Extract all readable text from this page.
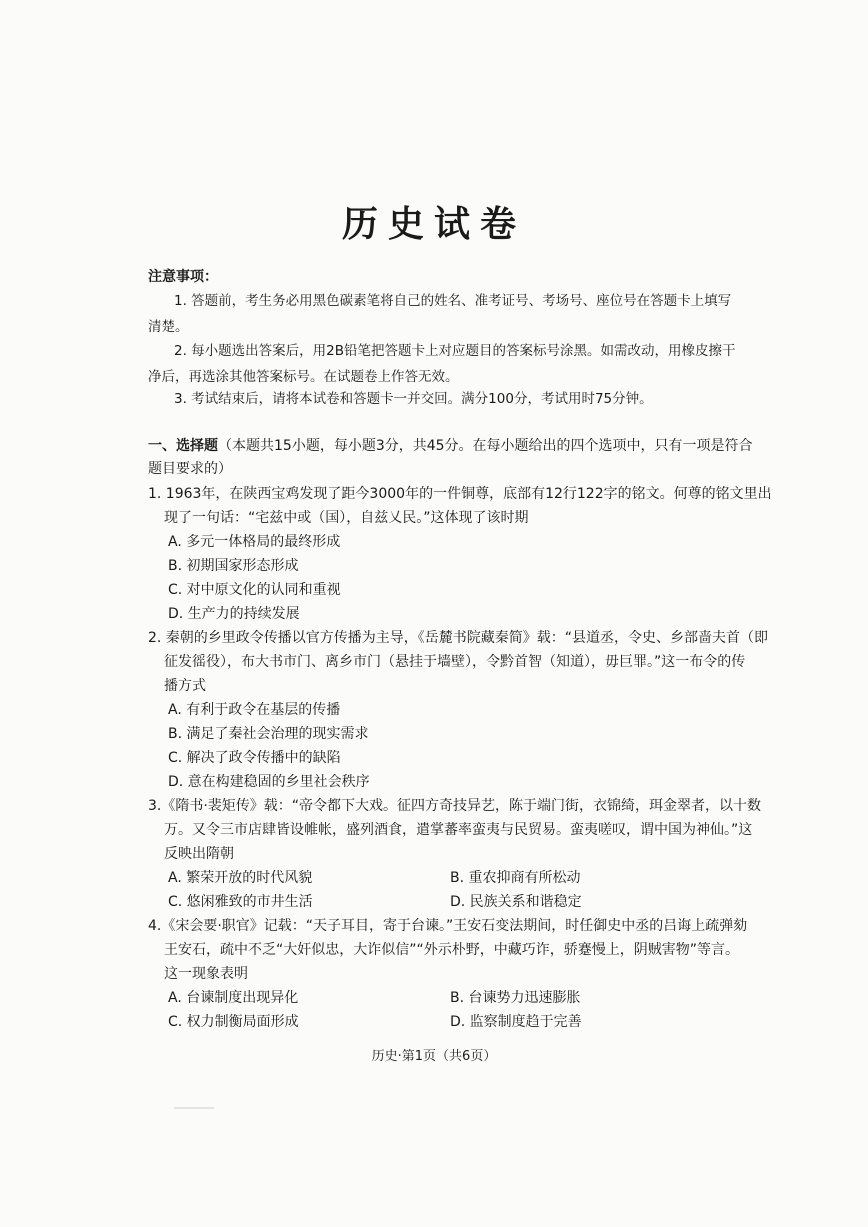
历史试卷
注意事项：
1. 答题前，考生务必用黑色碳素笔将自己的姓名、准考证号、考场号、座位号在答题卡上填写
清楚。
2. 每小题选出答案后，用2B铅笔把答题卡上对应题目的答案标号涂黑。如需改动，用橡皮擦干
净后，再选涂其他答案标号。在试题卷上作答无效。
3. 考试结束后，请将本试卷和答题卡一并交回。满分100分，考试用时75分钟。
一、选择题（本题共15小题，每小题3分，共45分。在每小题给出的四个选项中，只有一项是符合
题目要求的）
1. 1963年，在陕西宝鸡发现了距今3000年的一件铜尊，底部有12行122字的铭文。何尊的铭文里出
现了一句话：“宅兹中或（国），自兹乂民。”这体现了该时期
A. 多元一体格局的最终形成
B. 初期国家形态形成
C. 对中原文化的认同和重视
D. 生产力的持续发展
2. 秦朝的乡里政令传播以官方传播为主导，《岳麓书院藏秦简》载：“县道丞，令史、乡部啬夫首（即
征发徭役），布大书市门、离乡市门（悬挂于墙壁），令黔首智（知道），毋巨罪。”这一布令的传
播方式
A. 有利于政令在基层的传播
B. 满足了秦社会治理的现实需求
C. 解决了政令传播中的缺陷
D. 意在构建稳固的乡里社会秩序
3.《隋书·裴矩传》载：“帝令都下大戏。征四方奇技异艺，陈于端门街，衣锦绮，珥金翠者，以十数
万。又令三市店肆皆设帷帐，盛列酒食，遣掌蕃率蛮夷与民贸易。蛮夷嗟叹，谓中国为神仙。”这
反映出隋朝
A. 繁荣开放的时代风貌	B. 重农抑商有所松动
C. 悠闲雅致的市井生活	D. 民族关系和谐稳定
4.《宋会要·职官》记载：“天子耳目，寄于台谏。”王安石变法期间，时任御史中丞的吕诲上疏弹劾
王安石，疏中不乏“大奸似忠，大诈似信”“外示朴野，中藏巧诈，骄蹇慢上，阴贼害物”等言。
这一现象表明
A. 台谏制度出现异化	B. 台谏势力迅速膨胀
C. 权力制衡局面形成	D. 监察制度趋于完善
历史·第1页（共6页）
